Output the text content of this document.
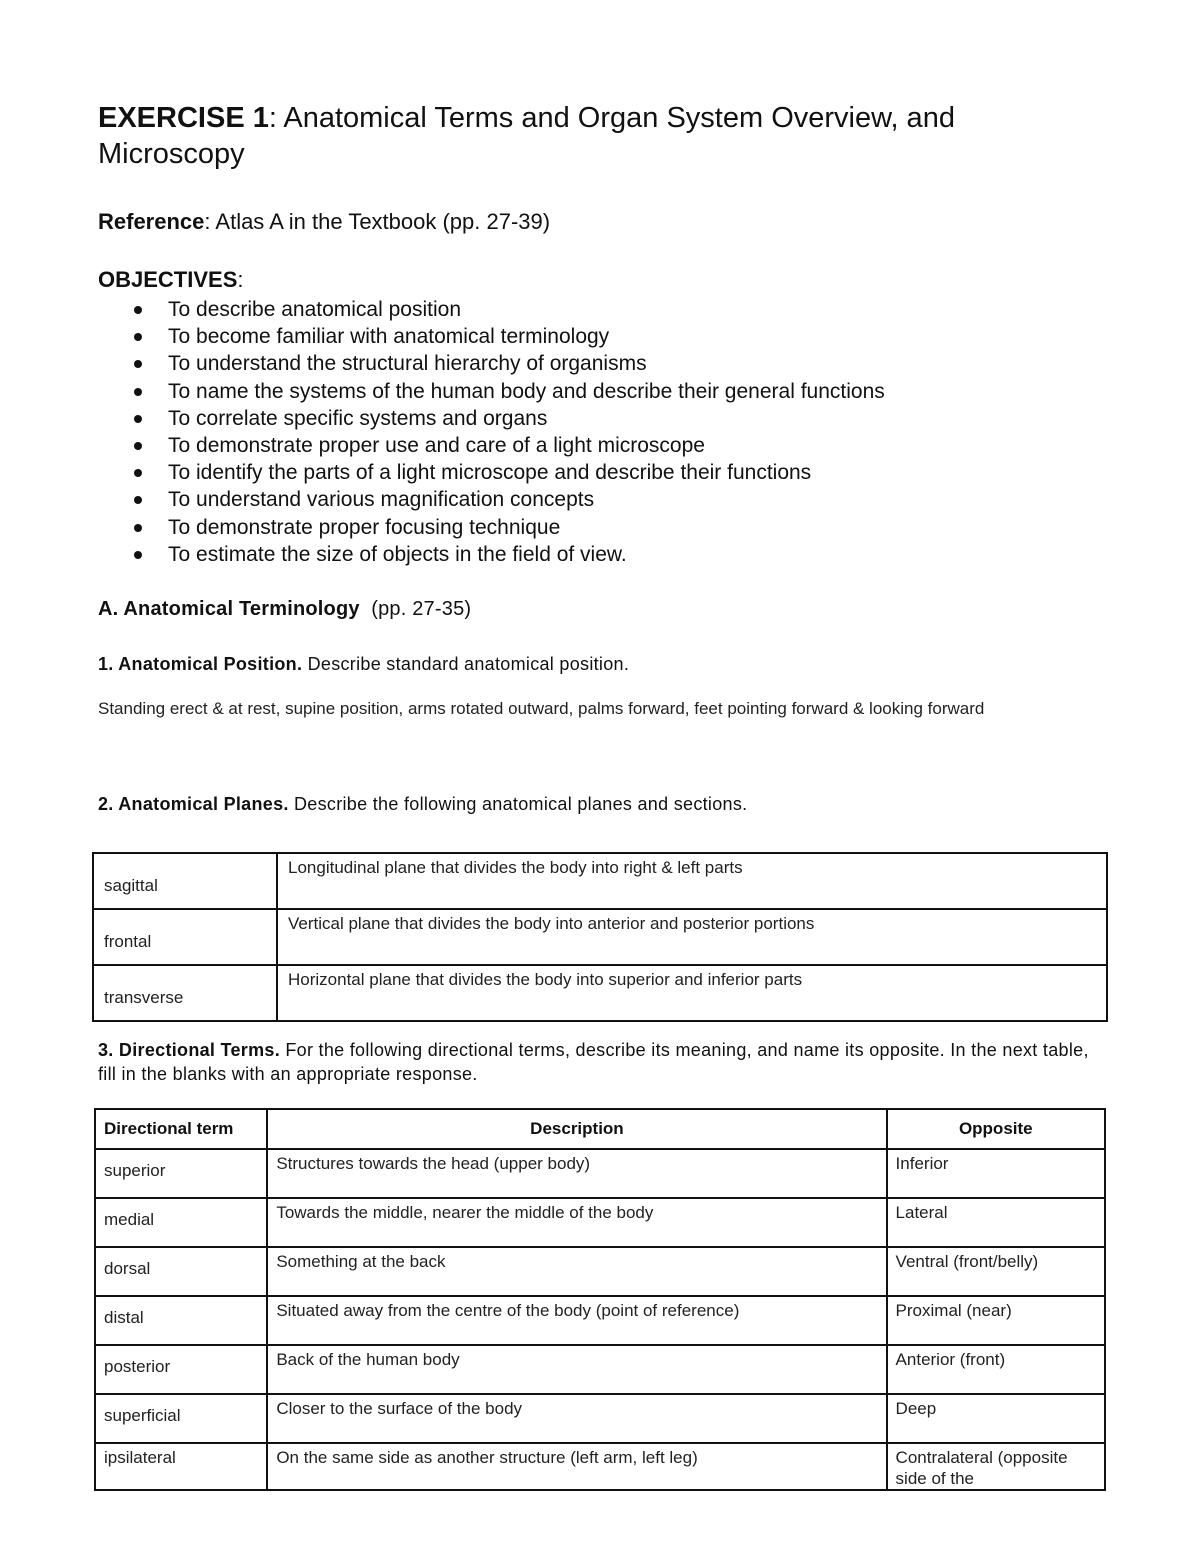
EXERCISE 1: Anatomical Terms and Organ System Overview, and Microscopy
Reference: Atlas A in the Textbook (pp. 27-39)
OBJECTIVES:
To describe anatomical position
To become familiar with anatomical terminology
To understand the structural hierarchy of organisms
To name the systems of the human body and describe their general functions
To correlate specific systems and organs
To demonstrate proper use and care of a light microscope
To identify the parts of a light microscope and describe their functions
To understand various magnification concepts
To demonstrate proper focusing technique
To estimate the size of objects in the field of view.
A. Anatomical Terminology  (pp. 27-35)
1. Anatomical Position. Describe standard anatomical position.
Standing erect & at rest, supine position, arms rotated outward, palms forward, feet pointing forward & looking forward
2. Anatomical Planes. Describe the following anatomical planes and sections.
sagittal	Longitudinal plane that divides the body into right & left parts
frontal	Vertical plane that divides the body into anterior and posterior portions
transverse	Horizontal plane that divides the body into superior and inferior parts
3. Directional Terms. For the following directional terms, describe its meaning, and name its opposite. In the next table, fill in the blanks with an appropriate response.
Directional term	Description	Opposite
superior	Structures towards the head (upper body)	Inferior
medial	Towards the middle, nearer the middle of the body	Lateral
dorsal	Something at the back	Ventral (front/belly)
distal	Situated away from the centre of the body (point of reference)	Proximal (near)
posterior	Back of the human body	Anterior (front)
superficial	Closer to the surface of the body	Deep
ipsilateral	On the same side as another structure (left arm, left leg)	Contralateral (opposite side of the
